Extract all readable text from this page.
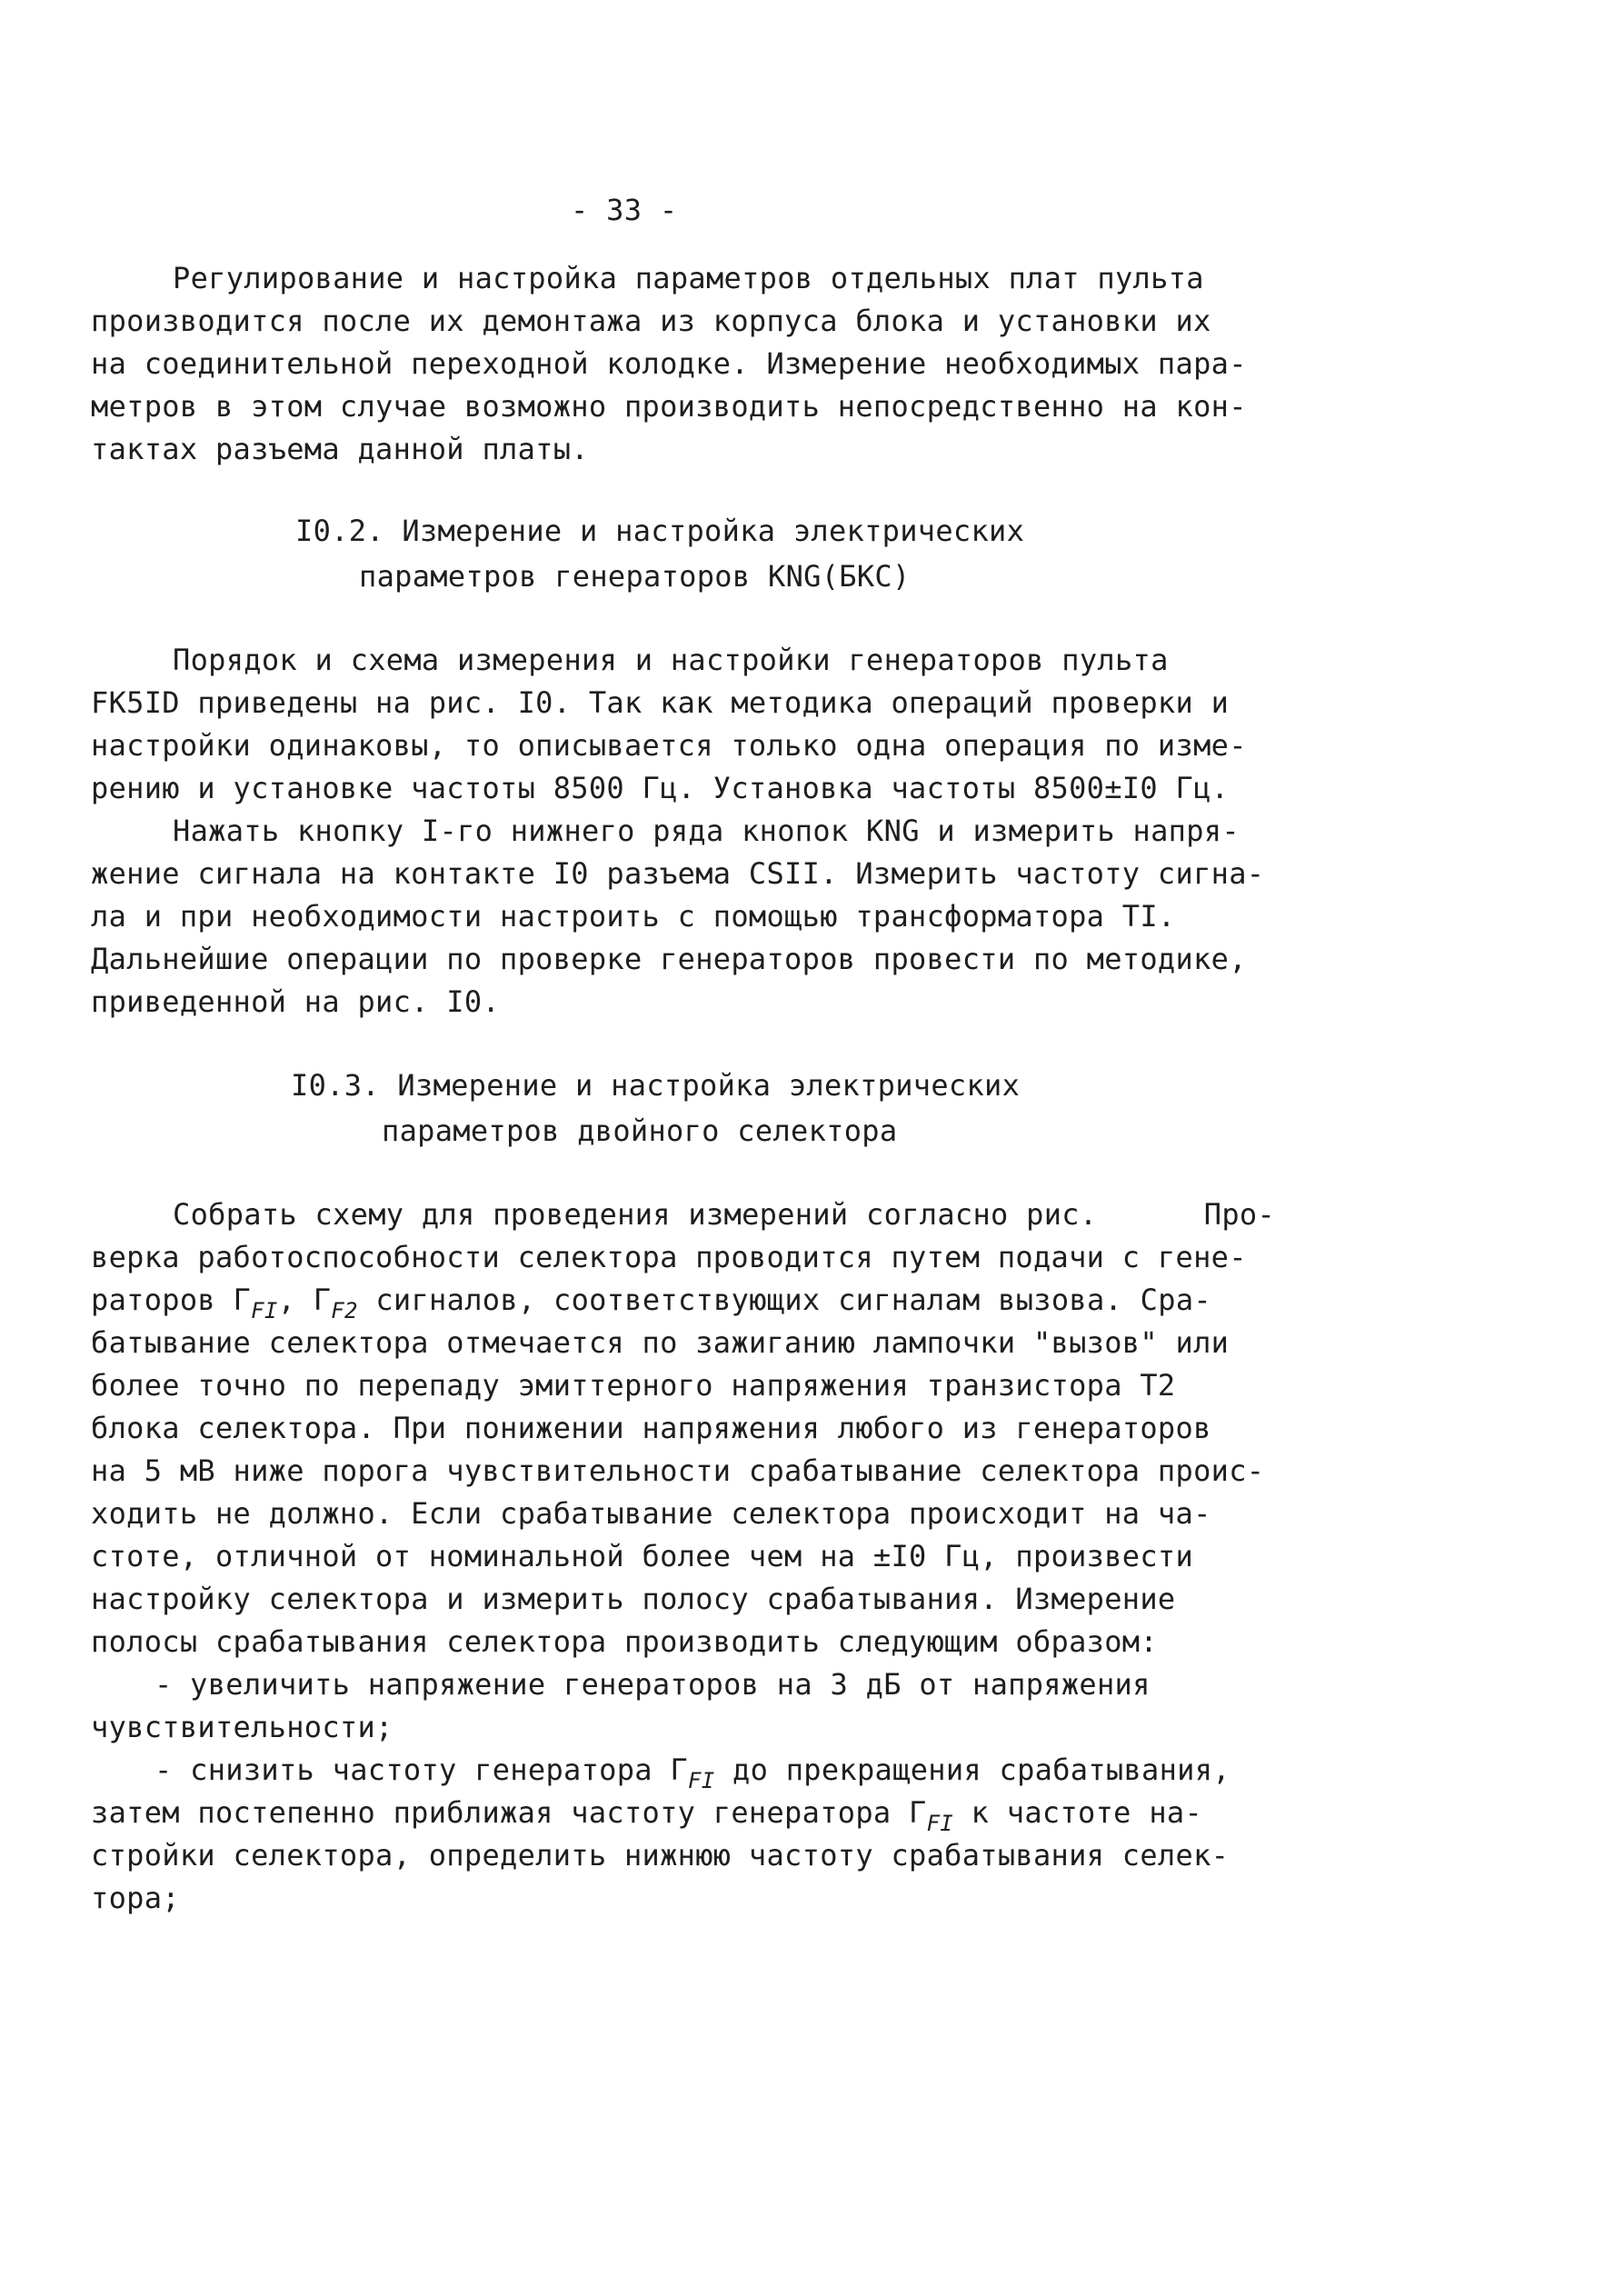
- 33 -
Регулирование и настройка параметров отдельных плат пульта
производится после их демонтажа из корпуса блока и установки их
на соединительной переходной колодке. Измерение необходимых пара-
метров в этом случае возможно производить непосредственно на кон-
тактах разъема данной платы.
I0.2. Измерение и настройка электрических
параметров генераторов KNG(БКС)
Порядок и схема измерения и настройки генераторов пульта
FK5ID приведены на рис. I0. Так как методика операций проверки и
настройки одинаковы, то описывается только одна операция по изме-
рению и установке частоты 8500 Гц. Установка частоты 8500±I0 Гц.
Нажать кнопку I-го нижнего ряда кнопок KNG и измерить напря-
жение сигнала на контакте I0 разъема CSII. Измерить частоту сигна-
ла и при необходимости настроить с помощью трансформатора TI.
Дальнейшие операции по проверке генераторов провести по методике,
приведенной на рис. I0.
I0.3. Измерение и настройка электрических
параметров двойного селектора
Собрать схему для проведения измерений согласно рис.      Про-
верка работоспособности селектора проводится путем подачи с гене-
раторов $Г_{FI}$, $Г_{F2}$ сигналов, соответствующих сигналам вызова. Сра-
батывание селектора отмечается по зажиганию лампочки "вызов" или
более точно по перепаду эмиттерного напряжения транзистора T2
блока селектора. При понижении напряжения любого из генераторов
на 5 мВ ниже порога чувствительности срабатывание селектора проис-
ходить не должно. Если срабатывание селектора происходит на ча-
стоте, отличной от номинальной более чем на ±I0 Гц, произвести
настройку селектора и измерить полосу срабатывания. Измерение
полосы срабатывания селектора производить следующим образом:
- увеличить напряжение генераторов на 3 дБ от напряжения
чувствительности;
- снизить частоту генератора $Г_{FI}$ до прекращения срабатывания,
затем постепенно приближая частоту генератора $Г_{FI}$ к частоте на-
стройки селектора, определить нижнюю частоту срабатывания селек-
тора;
